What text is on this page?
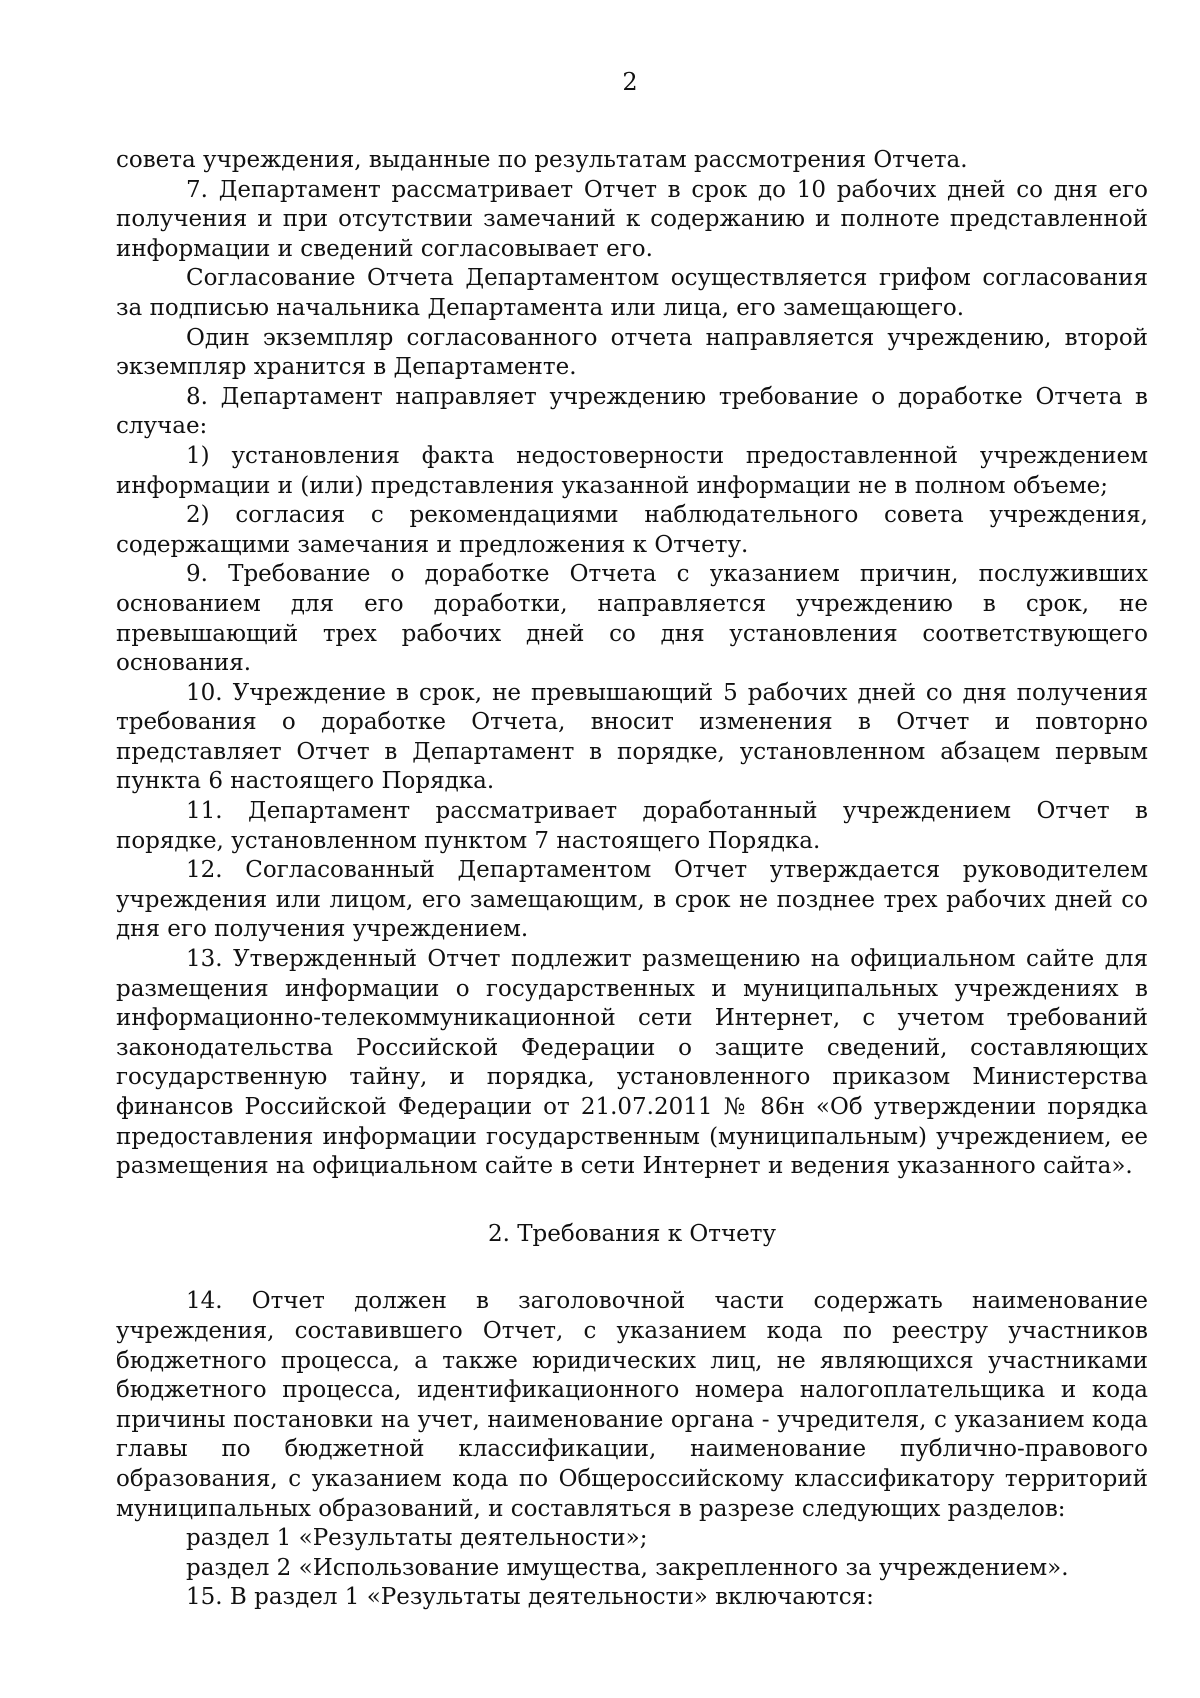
2

совета учреждения, выданные по результатам рассмотрения Отчета.

7. Департамент рассматривает Отчет в срок до 10 рабочих дней со дня его получения и при отсутствии замечаний к содержанию и полноте представленной информации и сведений согласовывает его.

Согласование Отчета Департаментом осуществляется грифом согласования за подписью начальника Департамента или лица, его замещающего.

Один экземпляр согласованного отчета направляется учреждению, второй экземпляр хранится в Департаменте.

8. Департамент направляет учреждению требование о доработке Отчета в случае:

1) установления факта недостоверности предоставленной учреждением информации и (или) представления указанной информации не в полном объеме;

2) согласия с рекомендациями наблюдательного совета учреждения, содержащими замечания и предложения к Отчету.

9. Требование о доработке Отчета с указанием причин, послуживших основанием для его доработки, направляется учреждению в срок, не превышающий трех рабочих дней со дня установления соответствующего основания.

10. Учреждение в срок, не превышающий 5 рабочих дней со дня получения требования о доработке Отчета, вносит изменения в Отчет и повторно представляет Отчет в Департамент в порядке, установленном абзацем первым пункта 6 настоящего Порядка.

11. Департамент рассматривает доработанный учреждением Отчет в порядке, установленном пунктом 7 настоящего Порядка.

12. Согласованный Департаментом Отчет утверждается руководителем учреждения или лицом, его замещающим, в срок не позднее трех рабочих дней со дня его получения учреждением.

13. Утвержденный Отчет подлежит размещению на официальном сайте для размещения информации о государственных и муниципальных учреждениях в информационно-телекоммуникационной сети Интернет, с учетом требований законодательства Российской Федерации о защите сведений, составляющих государственную тайну, и порядка, установленного приказом Министерства финансов Российской Федерации от 21.07.2011 № 86н «Об утверждении порядка предоставления информации государственным (муниципальным) учреждением, ее размещения на официальном сайте в сети Интернет и ведения указанного сайта».

2. Требования к Отчету

14. Отчет должен в заголовочной части содержать наименование учреждения, составившего Отчет, с указанием кода по реестру участников бюджетного процесса, а также юридических лиц, не являющихся участниками бюджетного процесса, идентификационного номера налогоплательщика и кода причины постановки на учет, наименование органа - учредителя, с указанием кода главы по бюджетной классификации, наименование публично-правового образования, с указанием кода по Общероссийскому классификатору территорий муниципальных образований, и составляться в разрезе следующих разделов:

раздел 1 «Результаты деятельности»;

раздел 2 «Использование имущества, закрепленного за учреждением».

15. В раздел 1 «Результаты деятельности» включаются:
